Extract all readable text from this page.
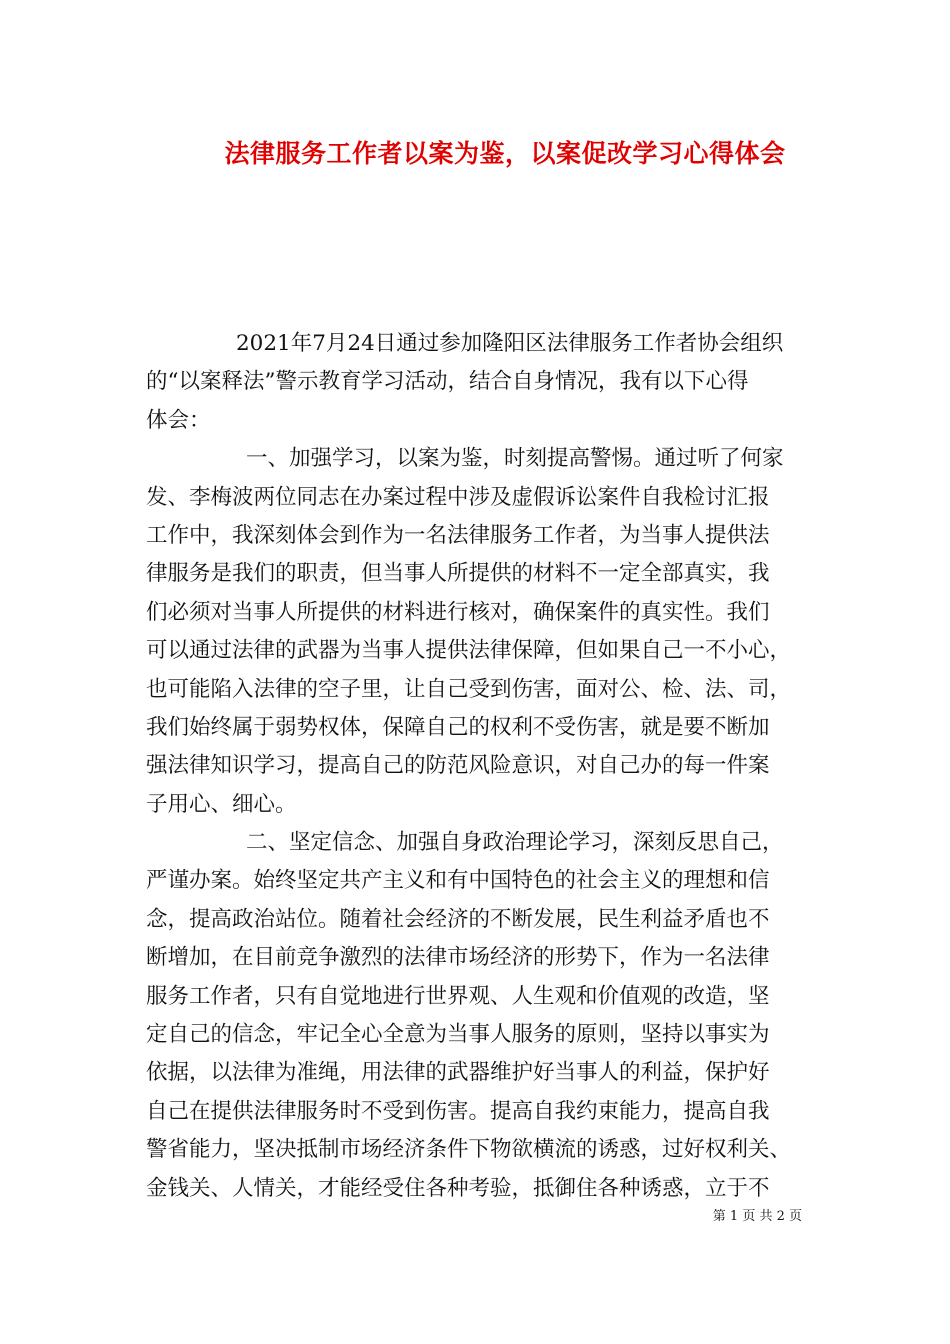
法律服务工作者以案为鉴，以案促改学习心得体会
2021年7月24日通过参加隆阳区法律服务工作者协会组织
的“以案释法”警示教育学习活动，结合自身情况，我有以下心得
体会：
一、加强学习，以案为鉴，时刻提高警惕。通过听了何家
发、李梅波两位同志在办案过程中涉及虚假诉讼案件自我检讨汇报
工作中，我深刻体会到作为一名法律服务工作者，为当事人提供法
律服务是我们的职责，但当事人所提供的材料不一定全部真实，我
们必须对当事人所提供的材料进行核对，确保案件的真实性。我们
可以通过法律的武器为当事人提供法律保障，但如果自己一不小心，
也可能陷入法律的空子里，让自己受到伤害，面对公、检、法、司，
我们始终属于弱势权体，保障自己的权利不受伤害，就是要不断加
强法律知识学习，提高自己的防范风险意识，对自己办的每一件案
子用心、细心。
二、坚定信念、加强自身政治理论学习，深刻反思自己，
严谨办案。始终坚定共产主义和有中国特色的社会主义的理想和信
念，提高政治站位。随着社会经济的不断发展，民生利益矛盾也不
断增加，在目前竞争激烈的法律市场经济的形势下，作为一名法律
服务工作者，只有自觉地进行世界观、人生观和价值观的改造，坚
定自己的信念，牢记全心全意为当事人服务的原则，坚持以事实为
依据，以法律为准绳，用法律的武器维护好当事人的利益，保护好
自己在提供法律服务时不受到伤害。提高自我约束能力，提高自我
警省能力，坚决抵制市场经济条件下物欲横流的诱惑，过好权利关、
金钱关、人情关，才能经受住各种考验，抵御住各种诱惑，立于不
第 1 页 共 2 页
